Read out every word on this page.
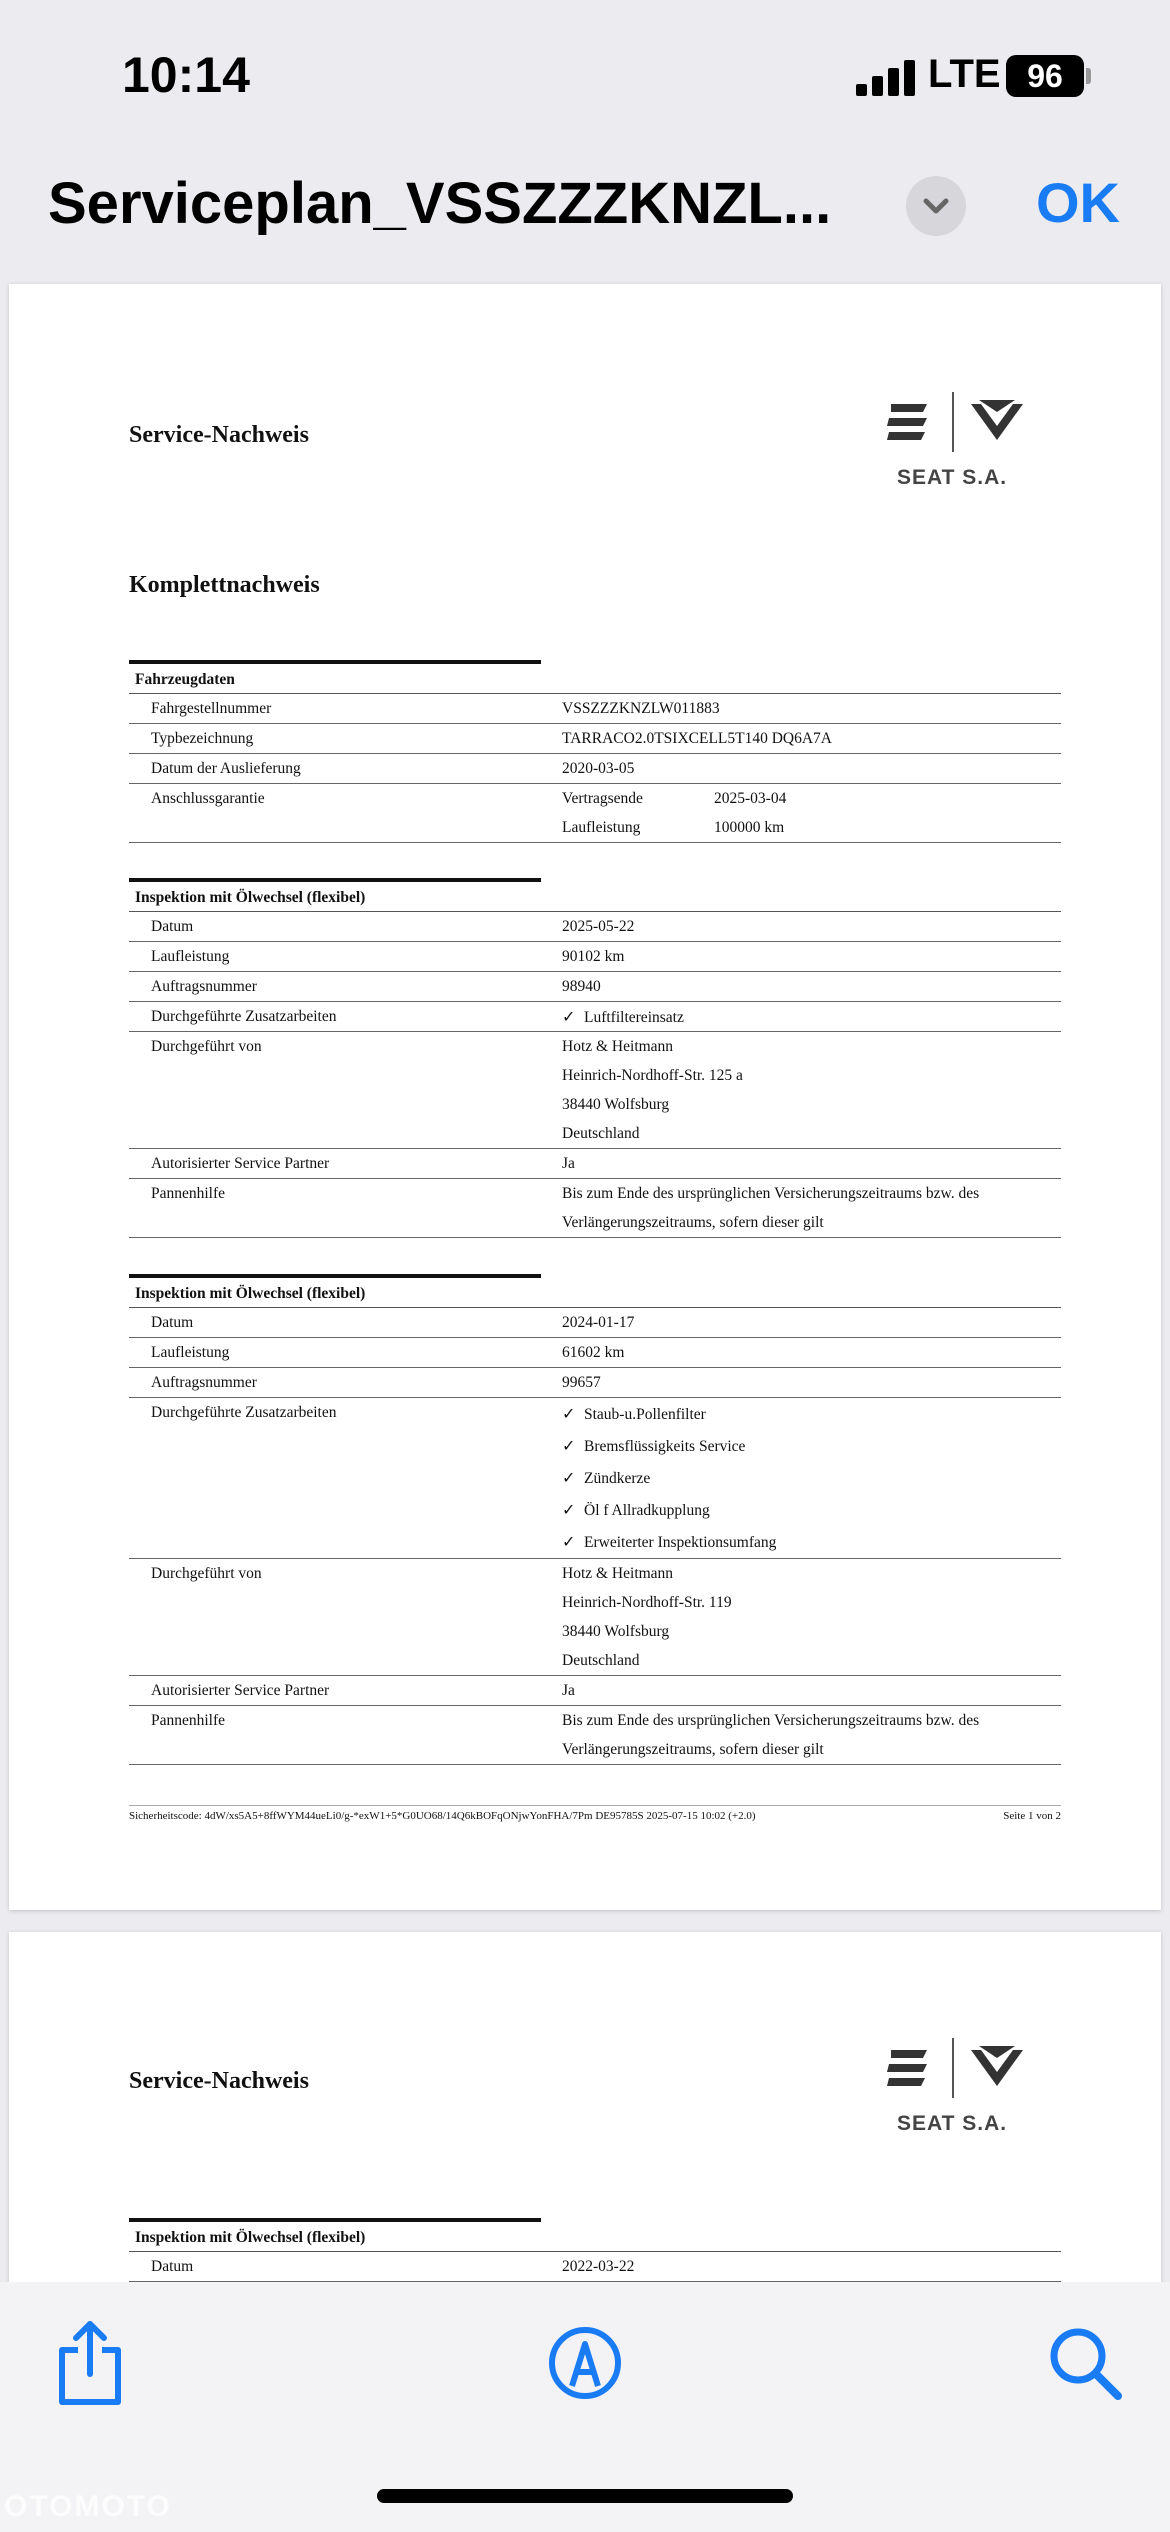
10:14	LTE 96
Serviceplan_VSSZZZKNZL...	OK
Service-Nachweis
SEAT S.A.
Komplettnachweis
Fahrzeugdaten
Fahrgestellnummer	VSSZZZKNZLW011883
Typbezeichnung	TARRACO2.0TSIXCELL5T140 DQ6A7A
Datum der Auslieferung	2020-03-05
Anschlussgarantie	Vertragsende	2025-03-04
Laufleistung	100000 km
Inspektion mit Ölwechsel (flexibel)
Datum	2025-05-22
Laufleistung	90102 km
Auftragsnummer	98940
Durchgeführte Zusatzarbeiten	✓ Luftfiltereinsatz
Durchgeführt von	Hotz & Heitmann
Heinrich-Nordhoff-Str. 125 a
38440 Wolfsburg
Deutschland
Autorisierter Service Partner	Ja
Pannenhilfe	Bis zum Ende des ursprünglichen Versicherungszeitraums bzw. des
Verlängerungszeitraums, sofern dieser gilt
Inspektion mit Ölwechsel (flexibel)
Datum	2024-01-17
Laufleistung	61602 km
Auftragsnummer	99657
Durchgeführte Zusatzarbeiten	✓ Staub-u.Pollenfilter
✓ Bremsflüssigkeits Service
✓ Zündkerze
✓ Öl f Allradkupplung
✓ Erweiterter Inspektionsumfang
Durchgeführt von	Hotz & Heitmann
Heinrich-Nordhoff-Str. 119
38440 Wolfsburg
Deutschland
Autorisierter Service Partner	Ja
Pannenhilfe	Bis zum Ende des ursprünglichen Versicherungszeitraums bzw. des
Verlängerungszeitraums, sofern dieser gilt
Sicherheitscode: 4dW/xs5A5+8ffWYM44ueLi0/g-*exW1+5*G0UO68/14Q6kBOFqONjwYonFHA/7Pm DE95785S 2025-07-15 10:02 (+2.0)	Seite 1 von 2
Service-Nachweis
SEAT S.A.
Inspektion mit Ölwechsel (flexibel)
Datum	2022-03-22
OTOMOTO
